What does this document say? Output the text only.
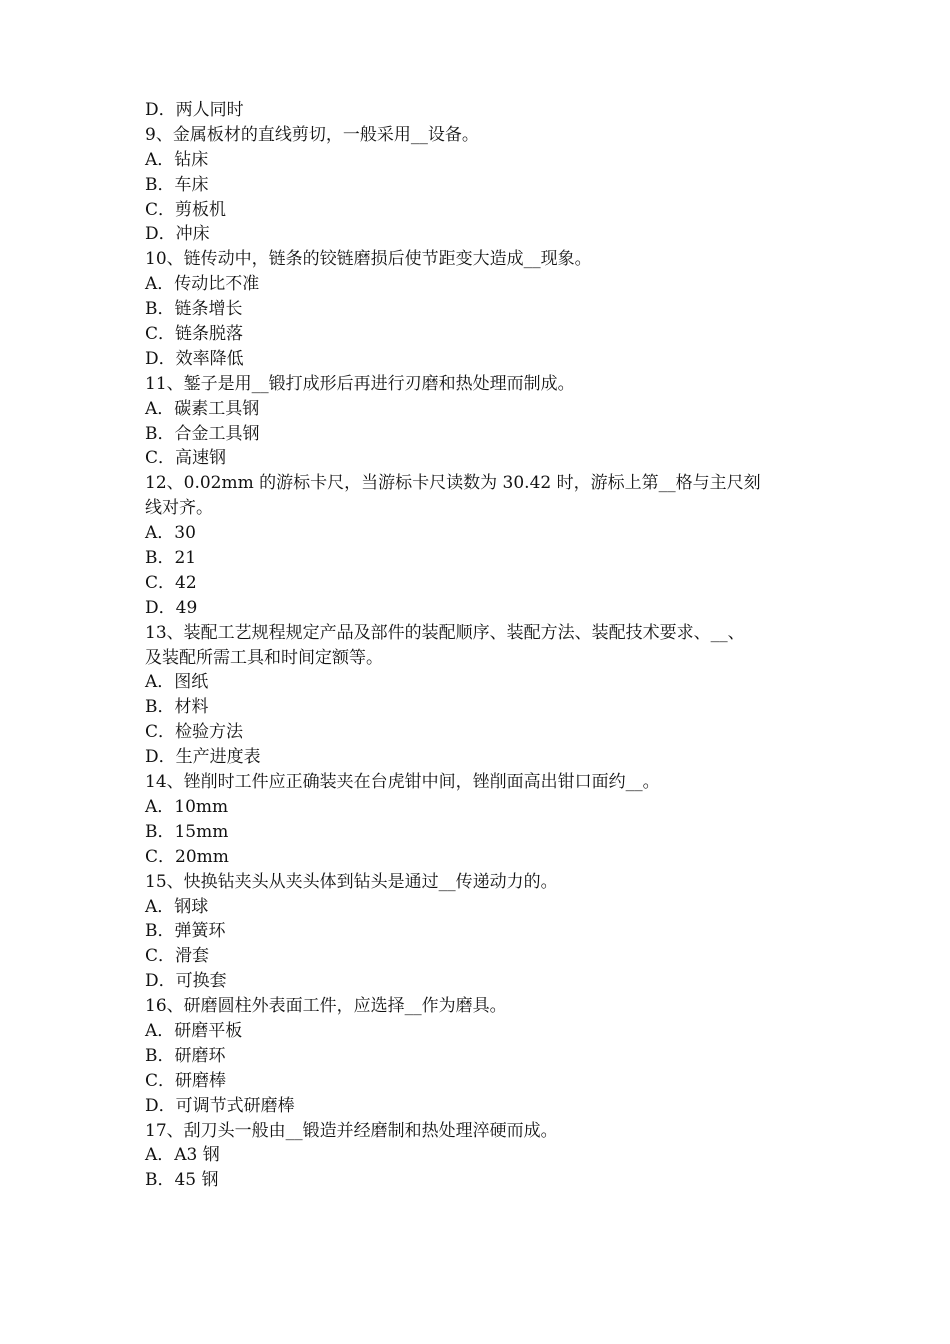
D．两人同时
9、金属板材的直线剪切，一般采用__设备。
A．钻床
B．车床
C．剪板机
D．冲床
10、链传动中，链条的铰链磨损后使节距变大造成__现象。
A．传动比不准
B．链条增长
C．链条脱落
D．效率降低
11、錾子是用__锻打成形后再进行刃磨和热处理而制成。
A．碳素工具钢
B．合金工具钢
C．高速钢
12、0.02mm 的游标卡尺，当游标卡尺读数为 30.42 时，游标上第__格与主尺刻
线对齐。
A．30
B．21
C．42
D．49
13、装配工艺规程规定产品及部件的装配顺序、装配方法、装配技术要求、__、
及装配所需工具和时间定额等。
A．图纸
B．材料
C．检验方法
D．生产进度表
14、锉削时工件应正确装夹在台虎钳中间，锉削面高出钳口面约__。
A．10mm
B．15mm
C．20mm
15、快换钻夹头从夹头体到钻头是通过__传递动力的。
A．钢球
B．弹簧环
C．滑套
D．可换套
16、研磨圆柱外表面工件，应选择__作为磨具。
A．研磨平板
B．研磨环
C．研磨棒
D．可调节式研磨棒
17、刮刀头一般由__锻造并经磨制和热处理淬硬而成。
A．A3 钢
B．45 钢
